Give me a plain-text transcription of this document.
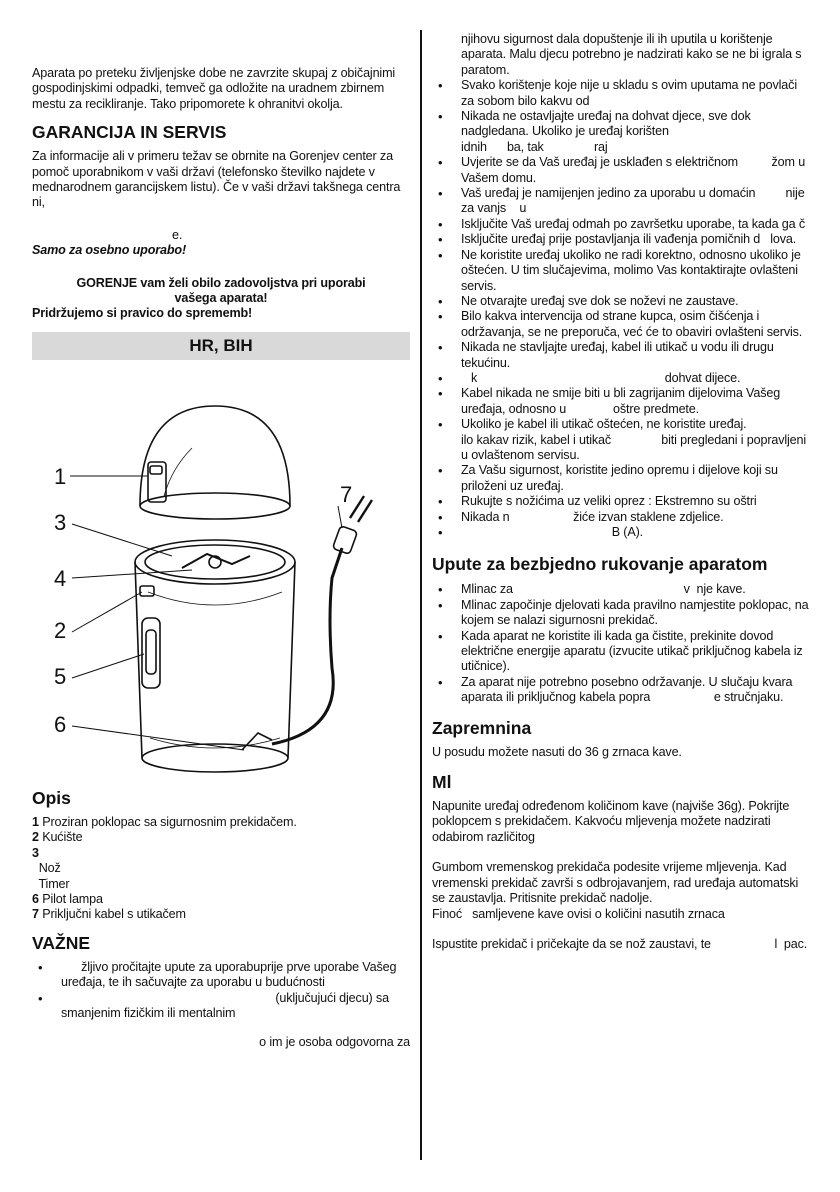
Aparata po preteku življenjske dobe ne zavrzite skupaj z običajnimi gospodinjskimi odpadki, temveč ga odložite na uradnem zbirnem mestu za recikliranje. Tako pripomorete k ohranitvi okolja.

GARANCIJA IN SERVIS

Za informacije ali v primeru težav se obrnite na Gorenjev center za pomoč uporabnikom v vaši državi (telefonsko številko najdete v mednarodnem garancijskem listu). Če v vaši državi takšnega centra ni,

e.

Samo za osebno uporabo!

GORENJE vam želi obilo zadovoljstva pri uporabi

vašega aparata!

Pridržujemo si pravico do sprememb!

HR, BIH
1
3
4
2
5
6
7
Opis
1 Proziran poklopac sa sigurnosnim prekidačem.
2 Kućište
3
Nož
Timer
6 Pilot lampa
7 Priključni kabel s utikačem
VAŽNE
•       žljivo pročitajte upute za uporabuprije prve uporabe Vašeg uređaja, te ih sačuvajte za uporabu u budućnosti
•                                                                 (uključujući djecu) sa smanjenim fizičkim ili mentalnim

o im je osoba odgovorna za

njihovu sigurnost dala dopuštenje ili ih uputila u korištenje aparata. Malu djecu potrebno je nadzirati kako se ne bi igrala s paratom.

• Svako korištenje koje nije u skladu s ovim uputama ne povlači za sobom bilo kakvu od
• Nikada ne ostavljajte uređaj na dohvat djece, sve dok                    nadgledana. Ukoliko je uređaj korišten                                       idnih      ba, tak               raj
• Uvjerite se da Vaš uređaj je usklađen s električnom          žom u Vašem domu.
• Vaš uređaj je namijenjen jedino za uporabu u domaćin         nije za vanjs    u
• Isključite Vaš uređaj odmah po završetku uporabe, ta kada ga č
• Isključite uređaj prije postavljanja ili vađenja pomičnih d   lova.
• Ne koristite uređaj ukoliko ne radi korektno, odnosno ukoliko je oštećen. U tim slučajevima, molimo Vas kontaktirajte ovlašteni servis.
• Ne otvarajte uređaj sve dok se noževi ne zaustave.
• Bilo kakva intervencija od strane kupca, osim čišćenja i održavanja, se ne preporuča, već će to obaviri ovlašteni servis.
• Nikada ne stavljajte uređaj, kabel ili utikač u vodu ili drugu tekućinu.
•    k                                                        dohvat dijece.
• Kabel nikada ne smije biti u bli zagrijanim dijelovima Vašeg uređaja, odnosno u              oštre predmete.
• Ukoliko je kabel ili utikač oštećen, ne koristite uređaj.                      ilo kakav rizik, kabel i utikač               biti pregledani i popravljeni u ovlaštenom servisu.
• Za Vašu sigurnost, koristite jedino opremu i dijelove koji su priloženi uz uređaj.
• Rukujte s nožićima uz veliki oprez : Ekstremno su oštri
• Nikada n                   žiće izvan staklene zdjelice.
•                                              B (A).
Upute za bezbjedno rukovanje aparatom
• Mlinac za                                                   v  nje kave.
• Mlinac započinje djelovati kada pravilno namjestite poklopac, na kojem se nalazi sigurnosni prekidač.
• Kada aparat ne koristite ili kada ga čistite, prekinite dovod električne energije aparatu (izvucite utikač priključnog kabela iz utičnice).
• Za aparat nije potrebno posebno održavanje. U slučaju kvara aparata ili priključnog kabela popra                   e stručnjaku.
Zapremnina

U posudu možete nasuti do 36 g zrnaca kave.

Ml

Napunite uređaj određenom količinom kave (najviše 36g). Pokrijte poklopcem s prekidačem. Kakvoću mljevenja možete nadzirati odabirom različitog

Gumbom vremenskog prekidača podesite vrijeme mljevenja. Kad vremenski prekidač završi s odbrojavanjem, rad uređaja automatski se zaustavlja. Pritisnite prekidač nadolje.

Finoć   samljevene kave ovisi o količini nasutih zrnaca

Ispustite prekidač i pričekajte da se nož zaustavi, te                   l  pac.
